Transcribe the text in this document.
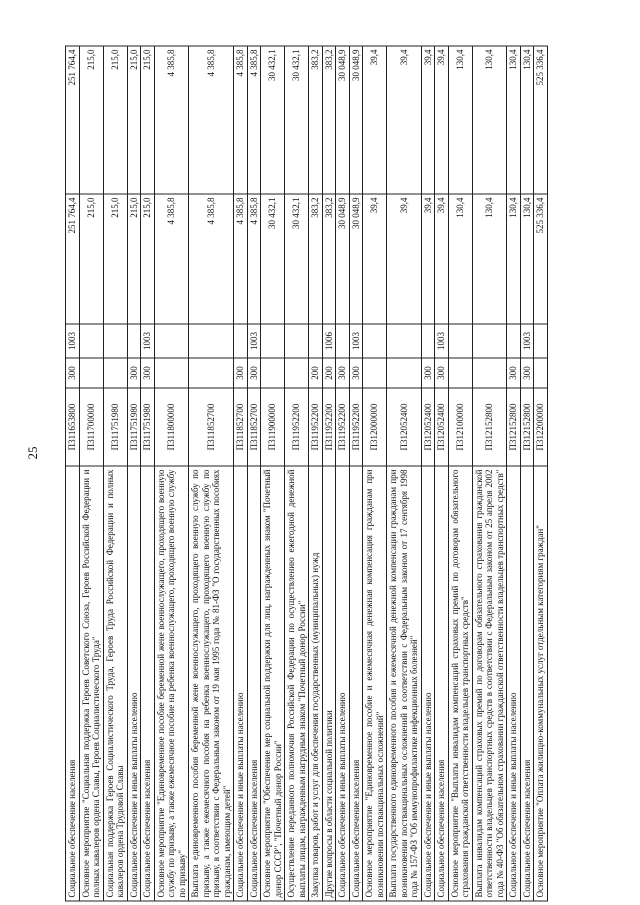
25
Социальное обеспечение населения	П311653800	300	1003	251 764,4	251 764,4
Основное мероприятие "Социальная поддержка Героев Советского Союза, Героев Российской Федерации и полных кавалеров ордена Славы, Героев Социалистического Труда"	П311700000			215,0	215,0
Социальная поддержка Героев Социалистического Труда, Героев Труда Российской Федерации и полных кавалеров ордена Трудовой Славы	П311751980			215,0	215,0
Социальное обеспечение и иные выплаты населению	П311751980	300		215,0	215,0
Социальное обеспечение населения	П311751980	300	1003	215,0	215,0
Основное мероприятие "Единовременное пособие беременной жене военнослужащего, проходящего военную службу по призыву, а также ежемесячное пособие на ребенка военнослужащего, проходящего военную службу по призыву"	П311800000			4 385,8	4 385,8
Выплата единовременного пособия беременной жене военнослужащего, проходящего военную службу по призыву, а также ежемесячного пособия на ребенка военнослужащего, проходящего военную службу по призыву, в соответствии с Федеральным законом от 19 мая 1995 года № 81-ФЗ "О государственных пособиях гражданам, имеющим детей"	П311852700			4 385,8	4 385,8
Социальное обеспечение и иные выплаты населению	П311852700	300		4 385,8	4 385,8
Социальное обеспечение населения	П311852700	300	1003	4 385,8	4 385,8
Основное мероприятие "Обеспечение мер социальной поддержки для лиц, награжденных знаком "Почетный донор СССР", "Почетный донор России"	П311900000			30 432,1	30 432,1
Осуществление переданного полномочия Российской Федерации по осуществлению ежегодной денежной выплаты лицам, награжденным нагрудным знаком "Почетный донор России"	П311952200			30 432,1	30 432,1
Закупка товаров, работ и услуг для обеспечения государственных (муниципальных) нужд	П311952200	200		383,2	383,2
Другие вопросы в области социальной политики	П311952200	200	1006	383,2	383,2
Социальное обеспечение и иные выплаты населению	П311952200	300		30 048,9	30 048,9
Социальное обеспечение населения	П311952200	300	1003	30 048,9	30 048,9
Основное мероприятие "Единовременное пособие и ежемесячная денежная компенсация гражданам при возникновении поствакцинальных осложнений"	П312000000			39,4	39,4
Выплата государственного единовременного пособия и ежемесячной денежной компенсации гражданам при возникновении поствакцинальных осложнений в соответствии с Федеральным законом от 17 сентября 1998 года № 157-ФЗ "Об иммунопрофилактике инфекционных болезней"	П312052400			39,4	39,4
Социальное обеспечение и иные выплаты населению	П312052400	300		39,4	39,4
Социальное обеспечение населения	П312052400	300	1003	39,4	39,4
Основное мероприятие "Выплаты инвалидам компенсаций страховых премий по договорам обязательного страхования гражданской ответственности владельцев транспортных средств"	П312100000			130,4	130,4
Выплата инвалидам компенсаций страховых премий по договорам обязательного страхования гражданской ответственности владельцев транспортных средств в соответствии с Федеральным законом от 25 апреля 2002 года № 40-ФЗ "Об обязательном страховании гражданской ответственности владельцев транспортных средств"	П312152800			130,4	130,4
Социальное обеспечение и иные выплаты населению	П312152800	300		130,4	130,4
Социальное обеспечение населения	П312152800	300	1003	130,4	130,4
Основное мероприятие "Оплата жилищно-коммунальных услуг отдельным категориям граждан"	П312200000			525 336,4	525 336,4
